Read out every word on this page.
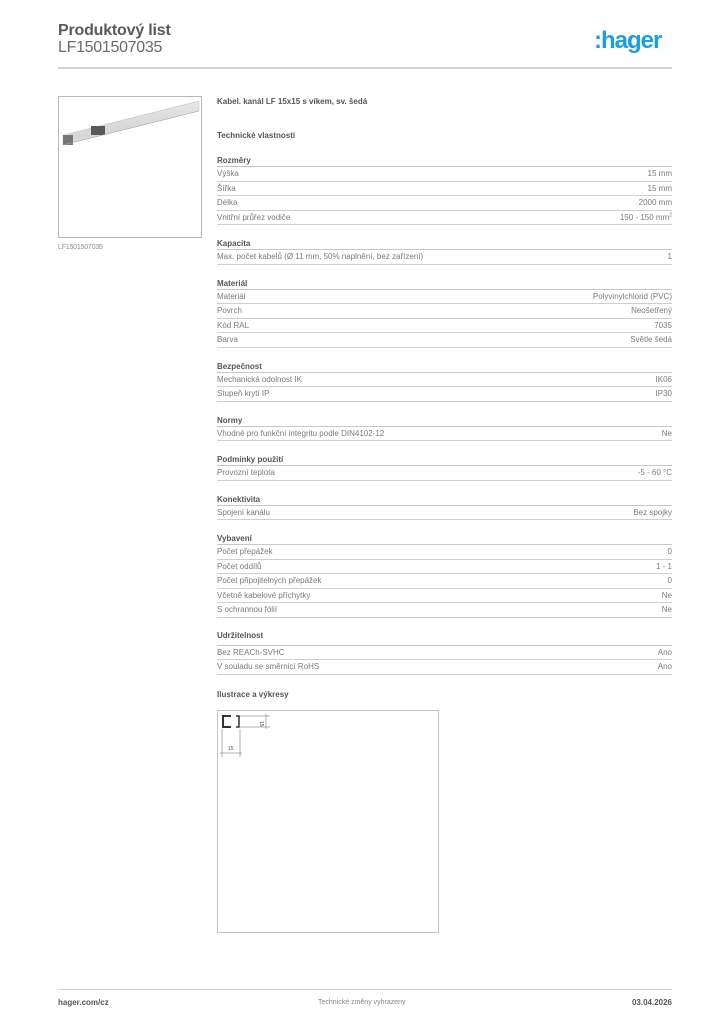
Produktový list
LF1501507035	:hager
LF1501507035
Kabel. kanál LF 15x15 s víkem, sv. šedá
Technické vlastnosti
Rozměry
Výška	15 mm
Šířka	15 mm
Délka	2000 mm
Vnitřní průřez vodiče	150 - 150 $mm^2$
Kapacita
Max. počet kabelů (Ø 11 mm, 50% naplnění, bez zařízení)	1
Materiál
Materiál	Polyvinylchlorid (PVC)
Povrch	Neošetřený
Kód RAL	7035
Barva	Světle šedá
Bezpečnost
Mechanická odolnost IK	IK06
Stupeň krytí IP	IP30
Normy
Vhodné pro funkční integritu podle DIN4102-12	Ne
Podmínky použití
Provozní teplota	-5 - 60 °C
Konektivita
Spojení kanálu	Bez spojky
Vybavení
Počet přepážek	0
Počet oddílů	1 - 1
Počet připojitelných přepážek	0
Včetně kabelové příchytky	Ne
S ochrannou fólií	Ne
Udržitelnost
Bez REACh-SVHC	Ano
V souladu se směrnicí RoHS	Ano
Ilustrace a výkresy
15
15
hager.com/cz	Technické změny vyhrazeny	03.04.2026
